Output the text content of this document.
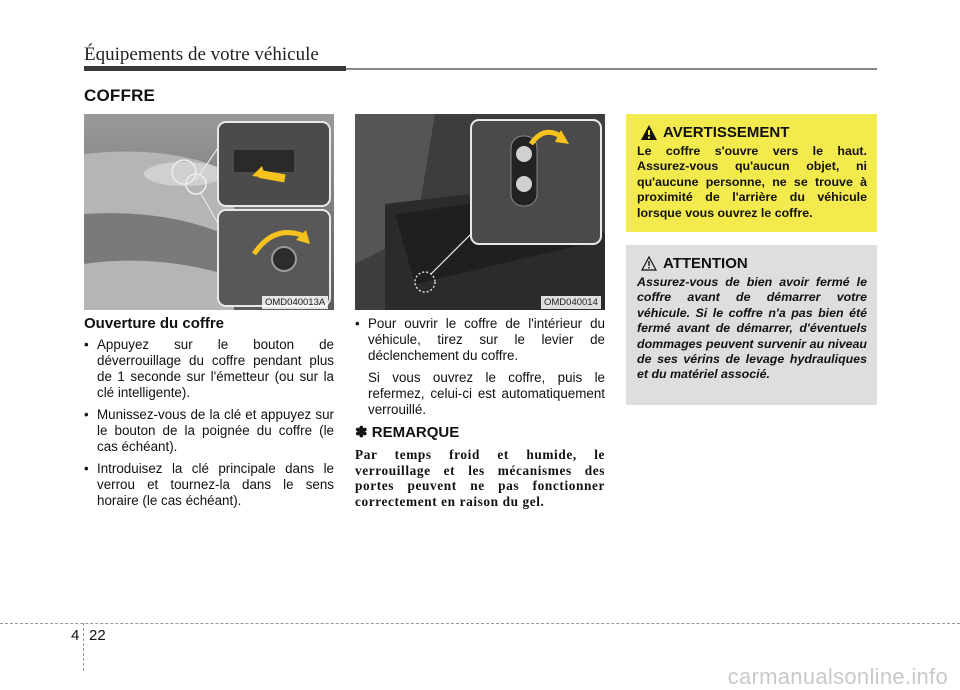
Équipements de votre véhicule
COFFRE
OMD040013A	OMD040014
Ouverture du coffre
• Appuyez sur le bouton de déverrouillage du coffre pendant plus de 1 seconde sur l'émetteur (ou sur la clé intelligente).
• Munissez-vous de la clé et appuyez sur le bouton de la poignée du coffre (le cas échéant).
• Introduisez la clé principale dans le verrou et tournez-la dans le sens horaire (le cas échéant).
• Pour ouvrir le coffre de l'intérieur du véhicule, tirez sur le levier de déclenchement du coffre.

Si vous ouvrez le coffre, puis le refermez, celui-ci est automatiquement verrouillé.

✽ REMARQUE
Par temps froid et humide, le verrouillage et les mécanismes des portes peuvent ne pas fonctionner correctement en raison du gel.
AVERTISSEMENT
Le coffre s'ouvre vers le haut. Assurez-vous qu'aucun objet, ni qu'aucune personne, ne se trouve à proximité de l'arrière du véhicule lorsque vous ouvrez le coffre.
ATTENTION
Assurez-vous de bien avoir fermé le coffre avant de démarrer votre véhicule. Si le coffre n'a pas bien été fermé avant de démarrer, d'éventuels dommages peuvent survenir au niveau de ses vérins de levage hydrauliques et du matériel associé.
4 22
carmanualsonline.info
